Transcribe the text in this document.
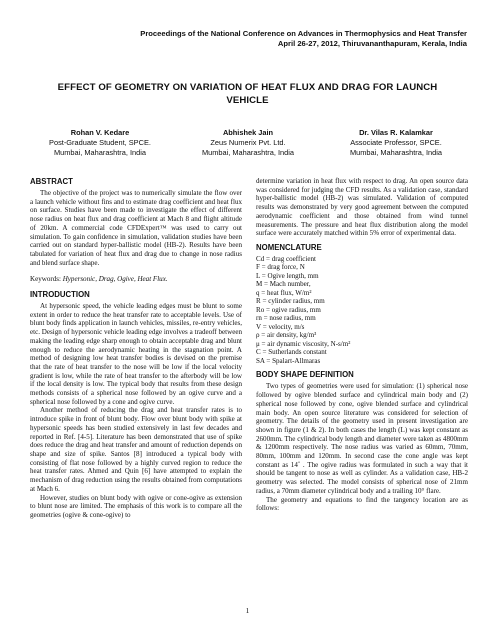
Proceedings of the National Conference on Advances in Thermophysics and Heat Transfer
April 26-27, 2012, Thiruvananthapuram, Kerala, India
EFFECT OF GEOMETRY ON VARIATION OF HEAT FLUX AND DRAG FOR LAUNCH
VEHICLE
Rohan V. Kedare
Post-Graduate Student, SPCE.
Mumbai, Maharashtra, India
Abhishek Jain
Zeus Numerix Pvt. Ltd.
Mumbai, Maharashtra, India
Dr. Vilas R. Kalamkar
Associate Professor, SPCE.
Mumbai, Maharashtra, India
ABSTRACT

The objective of the project was to numerically simulate the flow over a launch vehicle without fins and to estimate drag coefficient and heat flux on surface. Studies have been made to investigate the effect of different nose radius on heat flux and drag coefficient at Mach 8 and flight altitude of 20km. A commercial code CFDExpert™ was used to carry out simulation. To gain confidence in simulation, validation studies have been carried out on standard hyper-ballistic model (HB-2). Results have been tabulated for variation of heat flux and drag due to change in nose radius and blend surface shape.

Keywords: Hypersonic, Drag, Ogive, Heat Flux.

INTRODUCTION

At hypersonic speed, the vehicle leading edges must be blunt to some extent in order to reduce the heat transfer rate to acceptable levels. Use of blunt body finds application in launch vehicles, missiles, re-entry vehicles, etc. Design of hypersonic vehicle leading edge involves a tradeoff between making the leading edge sharp enough to obtain acceptable drag and blunt enough to reduce the aerodynamic heating in the stagnation point. A method of designing low heat transfer bodies is devised on the premise that the rate of heat transfer to the nose will be low if the local velocity gradient is low, while the rate of heat transfer to the afterbody will be low if the local density is low. The typical body that results from these design methods consists of a spherical nose followed by an ogive curve and a spherical nose followed by a cone and ogive curve.

Another method of reducing the drag and heat transfer rates is to introduce spike in front of blunt body. Flow over blunt body with spike at hypersonic speeds has been studied extensively in last few decades and reported in Ref. [4-5]. Literature has been demonstrated that use of spike does reduce the drag and heat transfer and amount of reduction depends on shape and size of spike. Santos [8] introduced a typical body with consisting of flat nose followed by a highly curved region to reduce the heat transfer rates. Ahmed and Quin [6] have attempted to explain the mechanism of drag reduction using the results obtained from computations at Mach 6.

However, studies on blunt body with ogive or cone-ogive as extension to blunt nose are limited. The emphasis of this work is to compare all the geometries (ogive & cone-ogive) to

determine variation in heat flux with respect to drag. An open source data was considered for judging the CFD results. As a validation case, standard hyper-ballistic model (HB-2) was simulated. Validation of computed results was demonstrated by very good agreement between the computed aerodynamic coefficient and those obtained from wind tunnel measurements. The pressure and heat flux distribution along the model surface were accurately matched within 5% error of experimental data.

NOMENCLATURE

Cd = drag coefficient

F = drag force, N

L = Ogive length, mm

M = Mach number,

q = heat flux, W/m²

R = cylinder radius, mm

Ro = ogive radius, mm

rn = nose radius, mm

V = velocity, m/s

ρ = air density, kg/m³

μ = air dynamic viscosity, N-s/m²

C = Sutherlands constant

SA = Spalart-Allmaras

BODY SHAPE DEFINITION

Two types of geometries were used for simulation: (1) spherical nose followed by ogive blended surface and cylindrical main body and (2) spherical nose followed by cone, ogive blended surface and cylindrical main body. An open source literature was considered for selection of geometry. The details of the geometry used in present investigation are shown in figure (1 & 2). In both cases the length (L) was kept constant as 2600mm. The cylindrical body length and diameter were taken as 4800mm & 1200mm respectively. The nose radius was varied as 60mm, 70mm, 80mm, 100mm and 120mm. In second case the cone angle was kept constant as 14˚ . The ogive radius was formulated in such a way that it should be tangent to nose as well as cylinder. As a validation case, HB-2 geometry was selected. The model consists of spherical nose of 21mm radius, a 70mm diameter cylindrical body and a trailing 10° flare.

The geometry and equations to find the tangency location are as follows:

1
